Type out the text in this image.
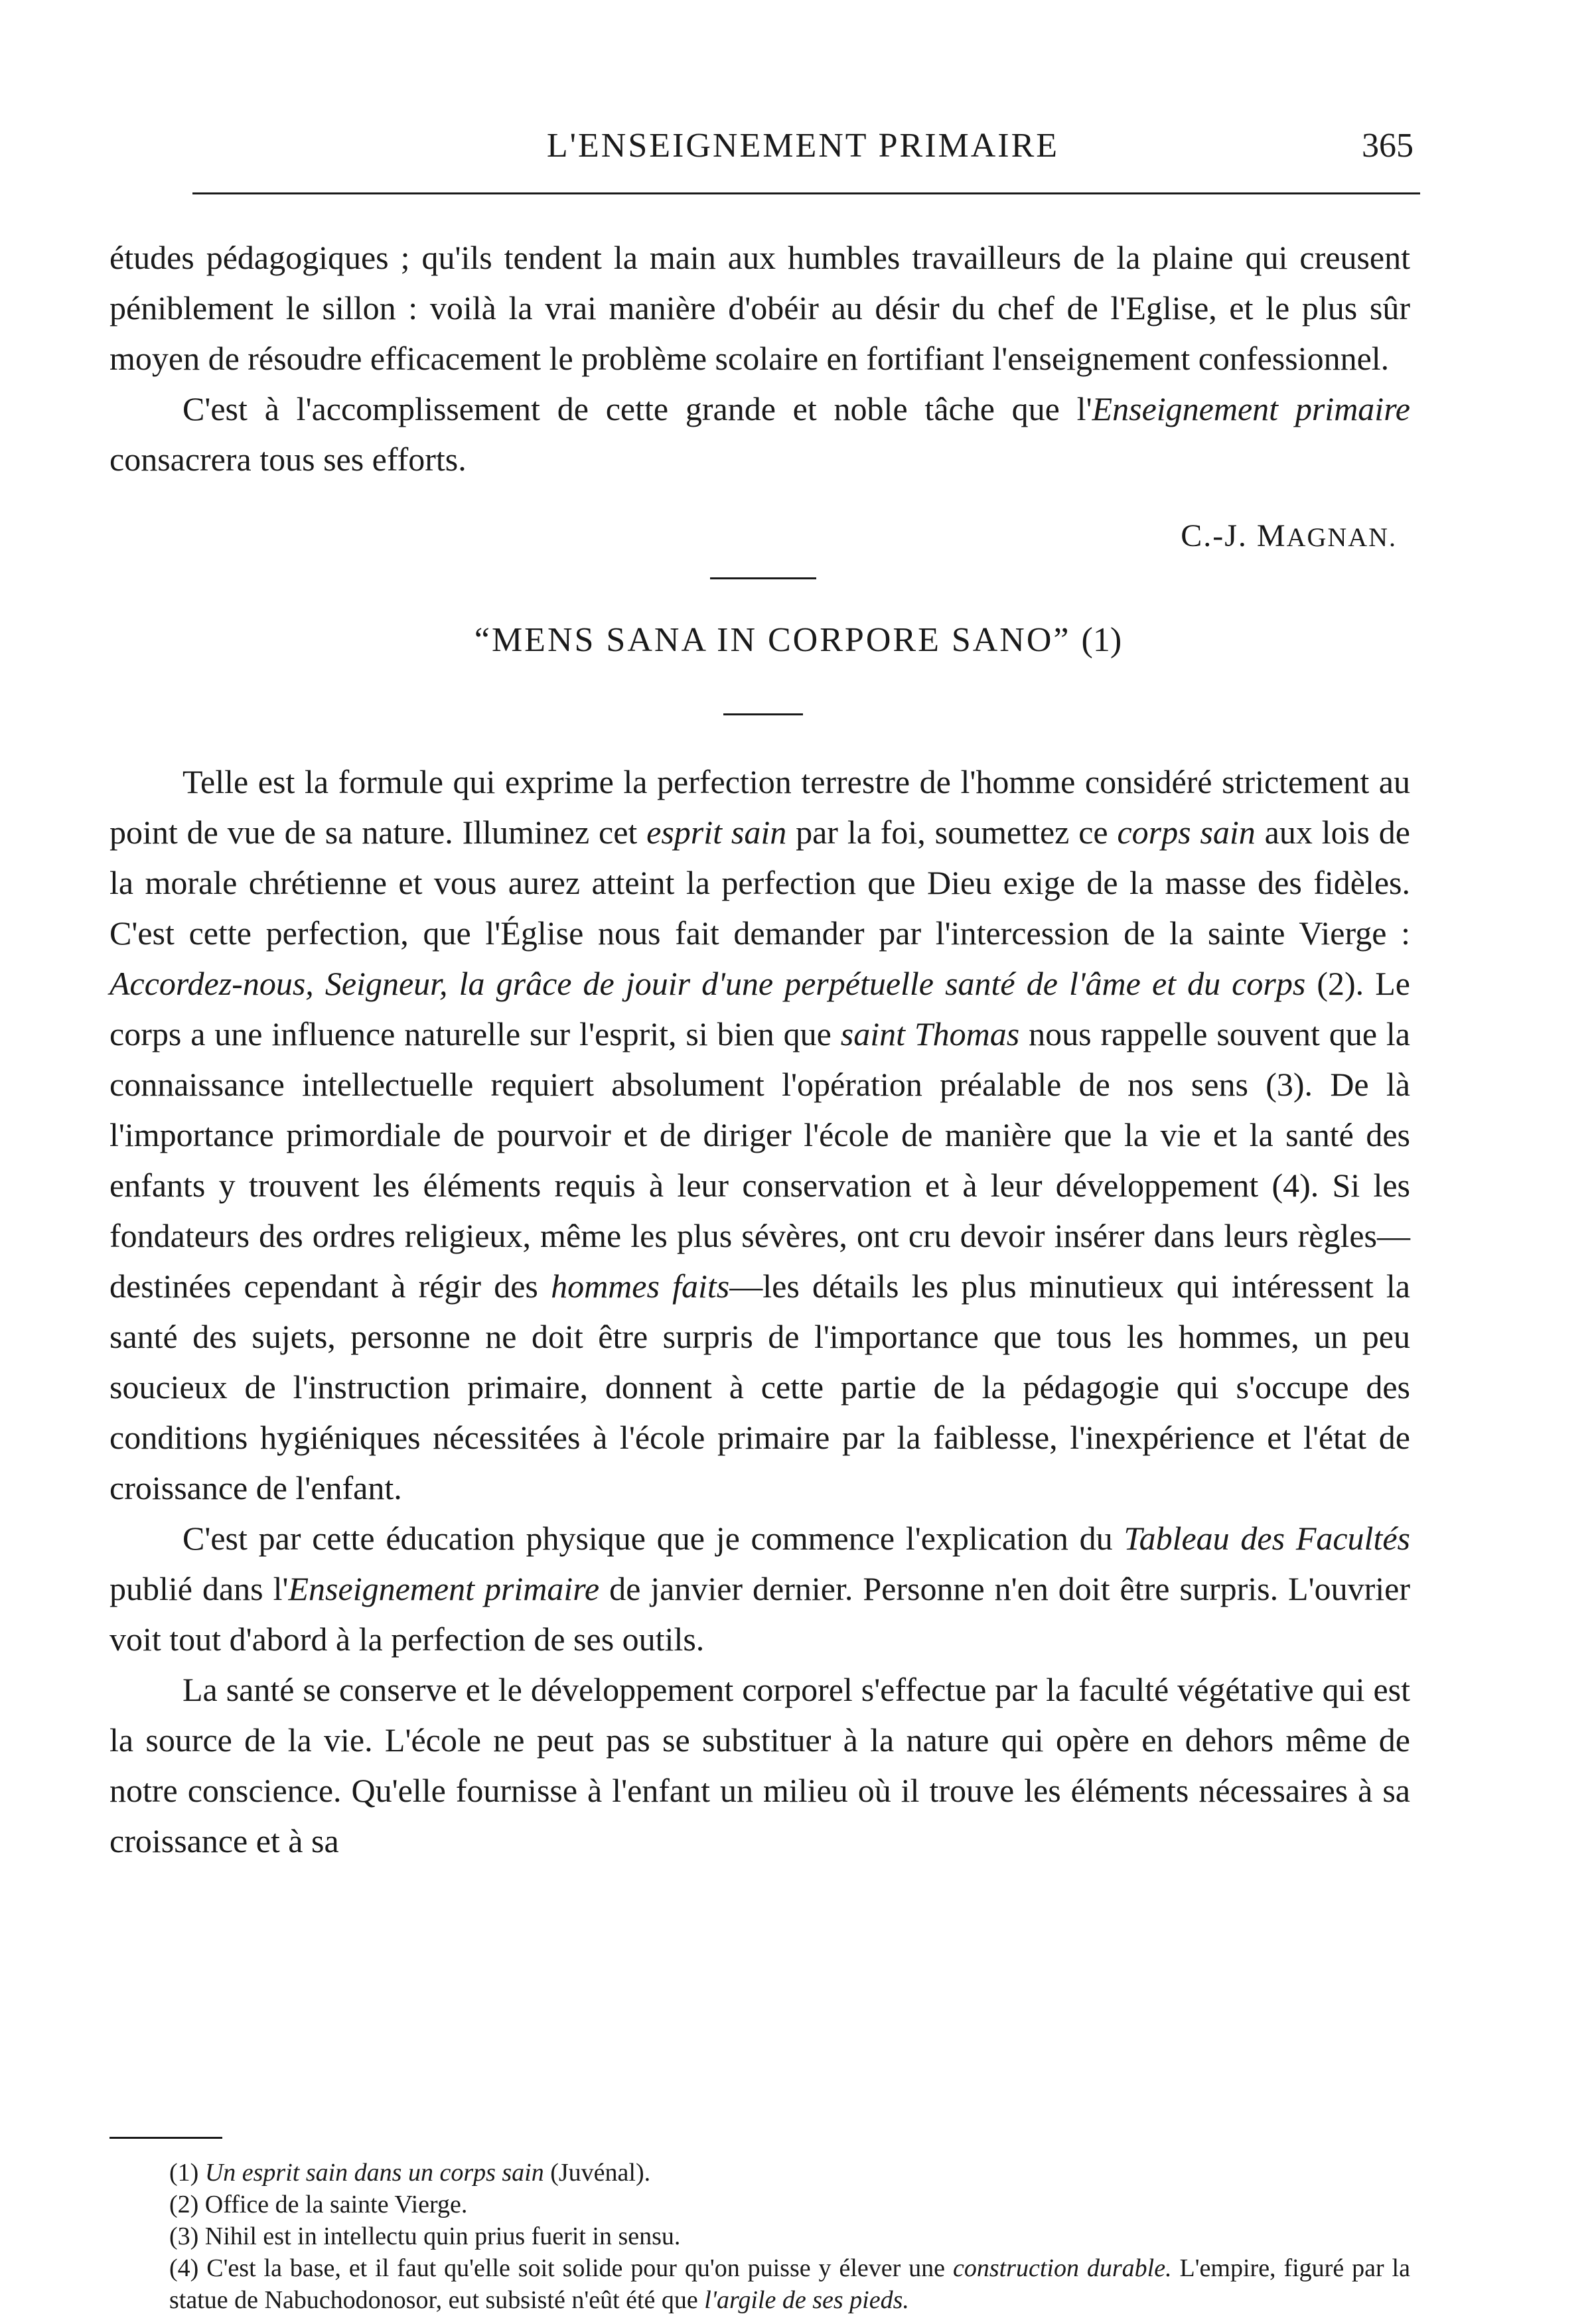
L'ENSEIGNEMENT PRIMAIRE	365

études pédagogiques ; qu'ils tendent la main aux humbles travailleurs de la plaine qui creusent péniblement le sillon : voilà la vrai manière d'obéir au désir du chef de l'Eglise, et le plus sûr moyen de résoudre efficacement le problème scolaire en fortifiant l'enseignement confessionnel.

C'est à l'accomplissement de cette grande et noble tâche que l'Enseignement primaire consacrera tous ses efforts.

C.-J. MAGNAN.
“MENS SANA IN CORPORE SANO” (1)

Telle est la formule qui exprime la perfection terrestre de l'homme considéré strictement au point de vue de sa nature. Illuminez cet esprit sain par la foi, soumettez ce corps sain aux lois de la morale chrétienne et vous aurez atteint la perfection que Dieu exige de la masse des fidèles. C'est cette perfection, que l'Église nous fait demander par l'intercession de la sainte Vierge : Accordez-nous, Seigneur, la grâce de jouir d'une perpétuelle santé de l'âme et du corps (2). Le corps a une influence naturelle sur l'esprit, si bien que saint Thomas nous rappelle souvent que la connaissance intellectuelle requiert absolument l'opération préalable de nos sens (3). De là l'importance primordiale de pourvoir et de diriger l'école de manière que la vie et la santé des enfants y trouvent les éléments requis à leur conservation et à leur développement (4). Si les fondateurs des ordres religieux, même les plus sévères, ont cru devoir insérer dans leurs règles—destinées cependant à régir des hommes faits—les détails les plus minutieux qui intéressent la santé des sujets, personne ne doit être surpris de l'importance que tous les hommes, un peu soucieux de l'instruction primaire, donnent à cette partie de la pédagogie qui s'occupe des conditions hygiéniques nécessitées à l'école primaire par la faiblesse, l'inexpérience et l'état de croissance de l'enfant.

C'est par cette éducation physique que je commence l'explication du Tableau des Facultés publié dans l'Enseignement primaire de janvier dernier. Personne n'en doit être surpris. L'ouvrier voit tout d'abord à la perfection de ses outils.

La santé se conserve et le développement corporel s'effectue par la faculté végétative qui est la source de la vie. L'école ne peut pas se substituer à la nature qui opère en dehors même de notre conscience. Qu'elle fournisse à l'enfant un milieu où il trouve les éléments nécessaires à sa croissance et à sa

(1) Un esprit sain dans un corps sain (Juvénal).

(2) Office de la sainte Vierge.

(3) Nihil est in intellectu quin prius fuerit in sensu.

(4) C'est la base, et il faut qu'elle soit solide pour qu'on puisse y élever une construction durable. L'empire, figuré par la statue de Nabuchodonosor, eut subsisté n'eût été que l'argile de ses pieds.
